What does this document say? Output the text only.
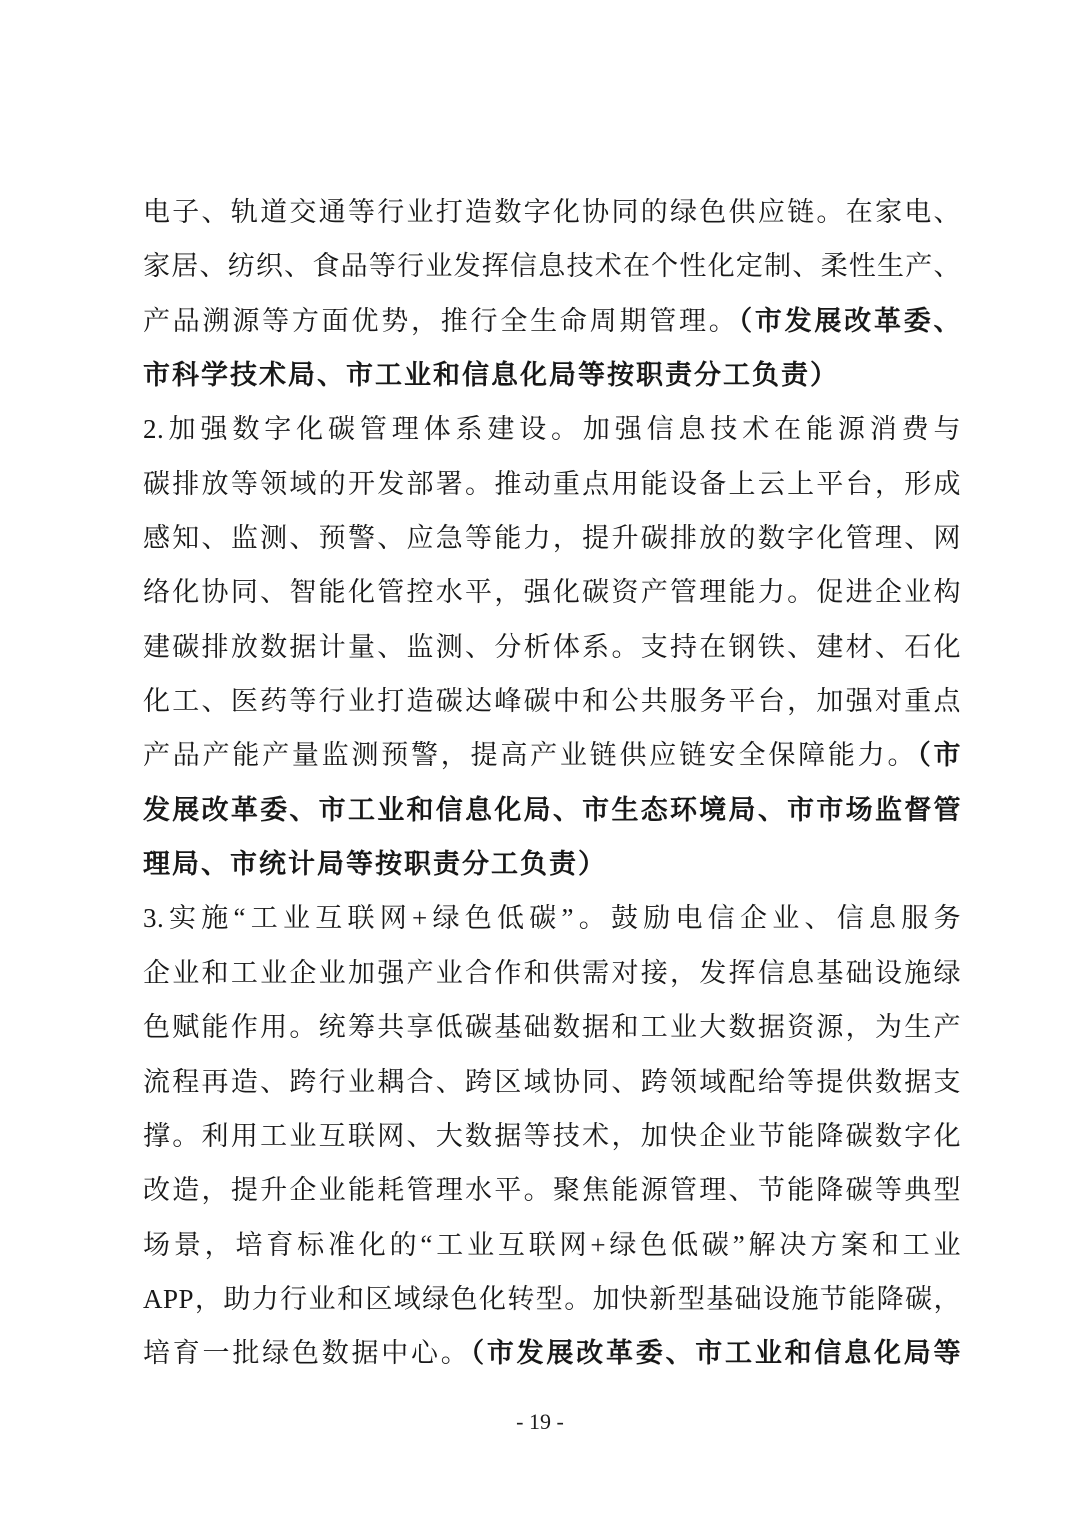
电子、轨道交通等行业打造数字化协同的绿色供应链。在家电、
家居、纺织、食品等行业发挥信息技术在个性化定制、柔性生产、
产品溯源等方面优势，推行全生命周期管理。（市发展改革委、
市科学技术局、市工业和信息化局等按职责分工负责）
2.加强数字化碳管理体系建设。加强信息技术在能源消费与
碳排放等领域的开发部署。推动重点用能设备上云上平台，形成
感知、监测、预警、应急等能力，提升碳排放的数字化管理、网
络化协同、智能化管控水平，强化碳资产管理能力。促进企业构
建碳排放数据计量、监测、分析体系。支持在钢铁、建材、石化
化工、医药等行业打造碳达峰碳中和公共服务平台，加强对重点
产品产能产量监测预警，提高产业链供应链安全保障能力。（市
发展改革委、市工业和信息化局、市生态环境局、市市场监督管
理局、市统计局等按职责分工负责）
3.实施“工业互联网+绿色低碳”。鼓励电信企业、信息服务
企业和工业企业加强产业合作和供需对接，发挥信息基础设施绿
色赋能作用。统筹共享低碳基础数据和工业大数据资源，为生产
流程再造、跨行业耦合、跨区域协同、跨领域配给等提供数据支
撑。利用工业互联网、大数据等技术，加快企业节能降碳数字化
改造，提升企业能耗管理水平。聚焦能源管理、节能降碳等典型
场景，培育标准化的“工业互联网+绿色低碳”解决方案和工业
APP，助力行业和区域绿色化转型。加快新型基础设施节能降碳，
培育一批绿色数据中心。（市发展改革委、市工业和信息化局等
- 19 -
